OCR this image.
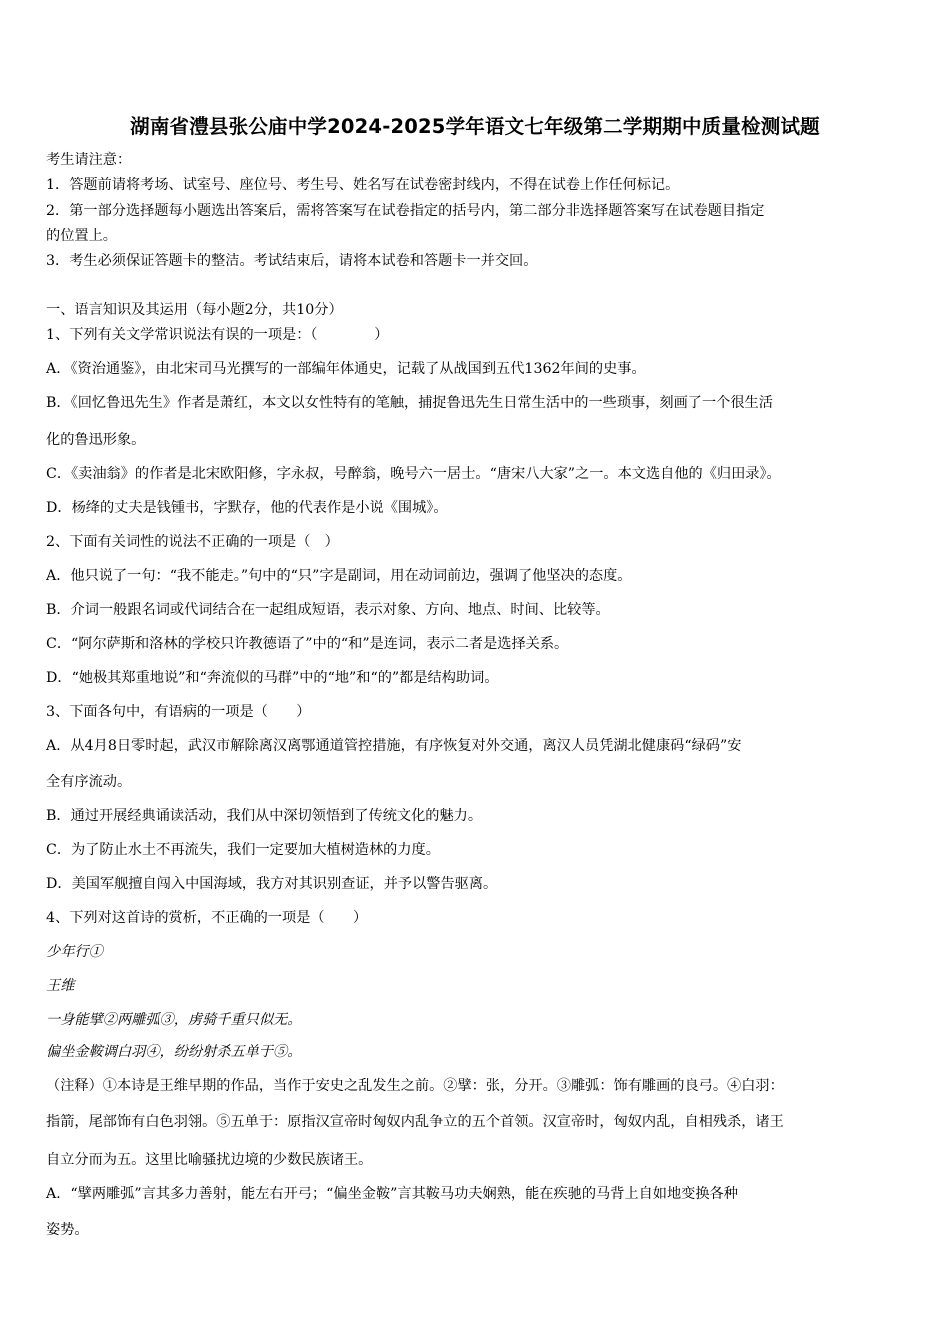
湖南省澧县张公庙中学2024-2025学年语文七年级第二学期期中质量检测试题
考生请注意：
1．答题前请将考场、试室号、座位号、考生号、姓名写在试卷密封线内，不得在试卷上作任何标记。
2．第一部分选择题每小题选出答案后，需将答案写在试卷指定的括号内，第二部分非选择题答案写在试卷题目指定
的位置上。
3．考生必须保证答题卡的整洁。考试结束后，请将本试卷和答题卡一并交回。
一、语言知识及其运用（每小题2分，共10分）
1、下列有关文学常识说法有误的一项是：（　　　　）
A．《资治通鉴》，由北宋司马光撰写的一部编年体通史，记载了从战国到五代1362年间的史事。
B．《回忆鲁迅先生》作者是萧红，本文以女性特有的笔触，捕捉鲁迅先生日常生活中的一些琐事，刻画了一个很生活
化的鲁迅形象。
C．《卖油翁》的作者是北宋欧阳修，字永叔，号醉翁，晚号六一居士。“唐宋八大家”之一。本文选自他的《归田录》。
D．杨绛的丈夫是钱锺书，字默存，他的代表作是小说《围城》。
2、下面有关词性的说法不正确的一项是（　）
A．他只说了一句：“我不能走。”句中的“只”字是副词，用在动词前边，强调了他坚决的态度。
B．介词一般跟名词或代词结合在一起组成短语，表示对象、方向、地点、时间、比较等。
C．“阿尔萨斯和洛林的学校只许教德语了”中的“和”是连词，表示二者是选择关系。
D．“她极其郑重地说”和“奔流似的马群”中的“地”和“的”都是结构助词。
3、下面各句中，有语病的一项是（　　）
A．从4月8日零时起，武汉市解除离汉离鄂通道管控措施，有序恢复对外交通，离汉人员凭湖北健康码“绿码”安
全有序流动。
B．通过开展经典诵读活动，我们从中深切领悟到了传统文化的魅力。
C．为了防止水土不再流失，我们一定要加大植树造林的力度。
D．美国军舰擅自闯入中国海域，我方对其识别查证，并予以警告驱离。
4、下列对这首诗的赏析，不正确的一项是（　　）
少年行①
王维
一身能擘②两雕弧③，虏骑千重只似无。
偏坐金鞍调白羽④，纷纷射杀五单于⑤。
（注释）①本诗是王维早期的作品，当作于安史之乱发生之前。②擘：张，分开。③雕弧：饰有雕画的良弓。④白羽：
指箭，尾部饰有白色羽翎。⑤五单于：原指汉宣帝时匈奴内乱争立的五个首领。汉宣帝时，匈奴内乱，自相残杀，诸王
自立分而为五。这里比喻骚扰边境的少数民族诸王。
A．“擘两雕弧”言其多力善射，能左右开弓；“偏坐金鞍”言其鞍马功夫娴熟，能在疾驰的马背上自如地变换各种
姿势。
